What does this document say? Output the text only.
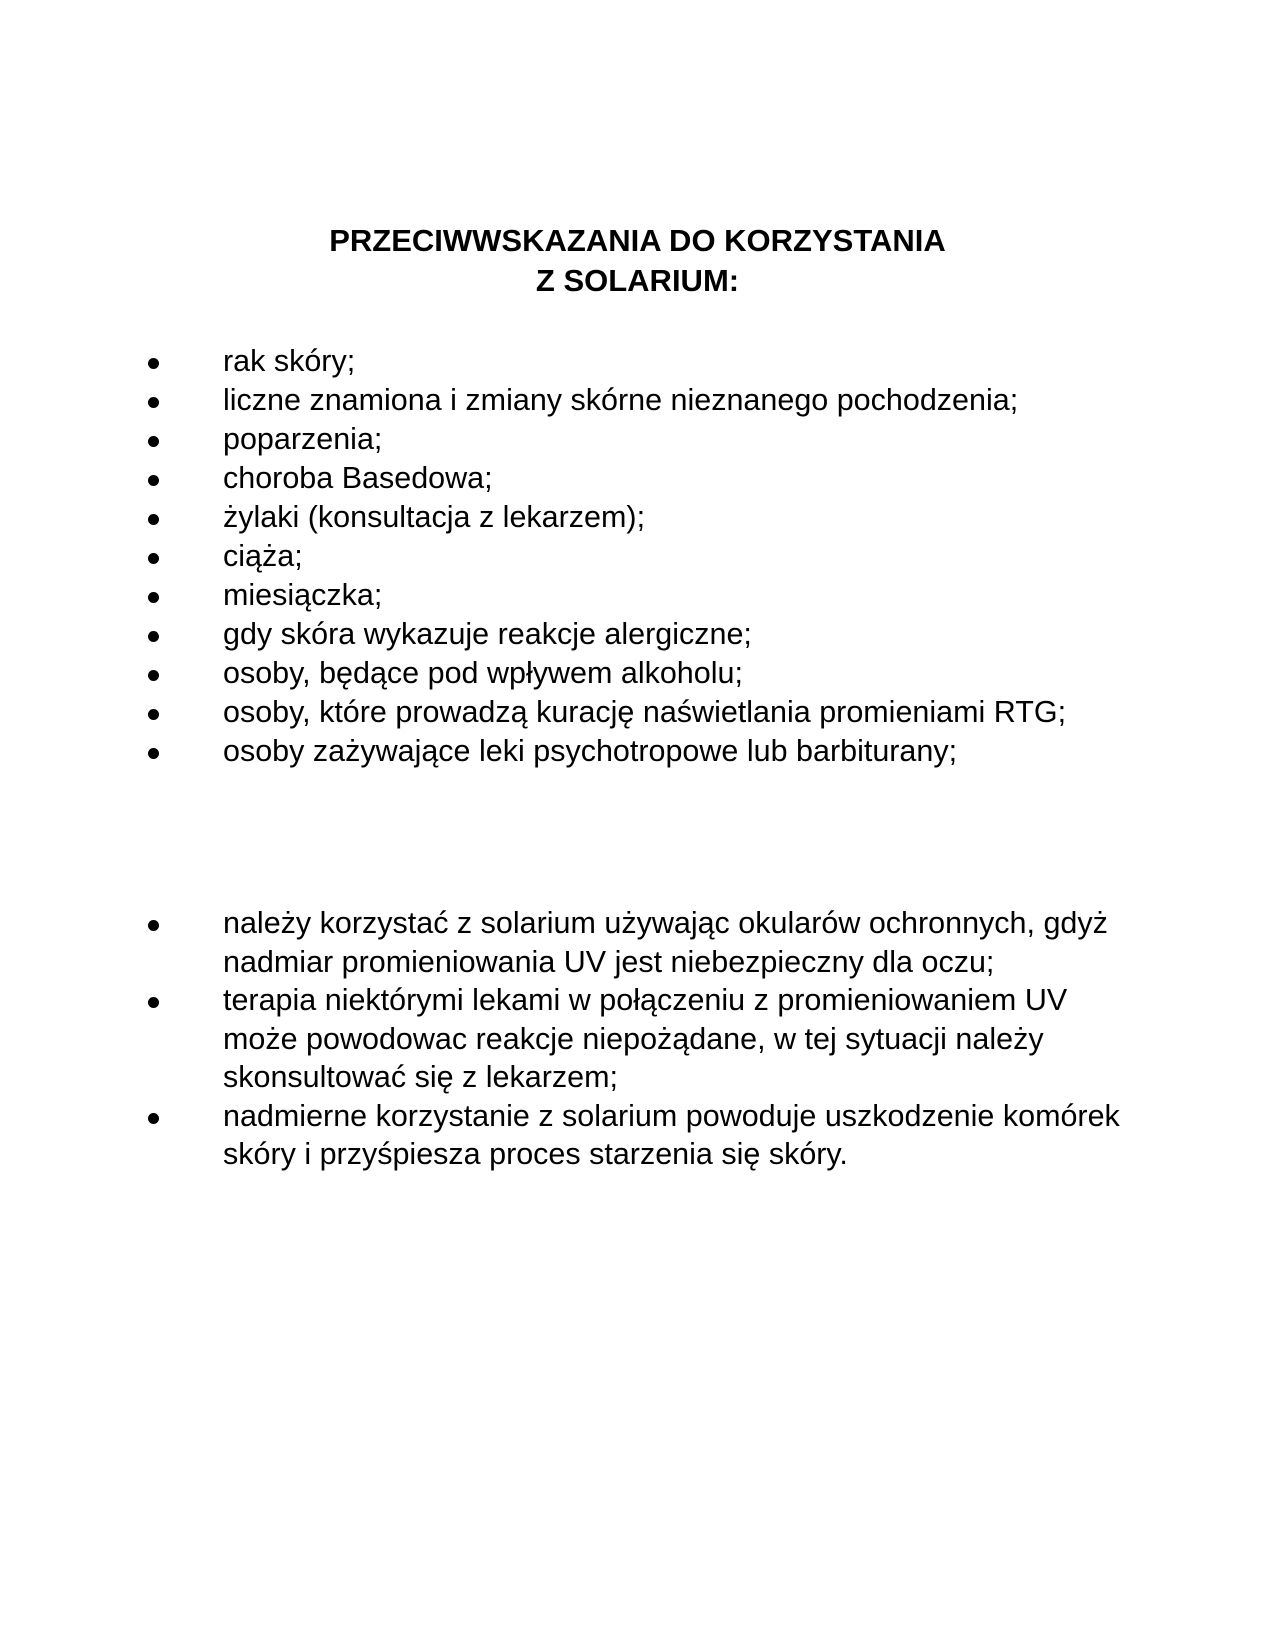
PRZECIWWSKAZANIA DO KORZYSTANIA
Z SOLARIUM:
rak skóry;
liczne znamiona i zmiany skórne nieznanego pochodzenia;
poparzenia;
choroba Basedowa;
żylaki (konsultacja z lekarzem);
ciąża;
miesiączka;
gdy skóra wykazuje reakcje alergiczne;
osoby, będące pod wpływem alkoholu;
osoby, które prowadzą kurację naświetlania promieniami RTG;
osoby zażywające leki psychotropowe lub barbiturany;
należy korzystać z solarium używając okularów ochronnych, gdyż nadmiar promieniowania UV jest niebezpieczny dla oczu;
terapia niektórymi lekami w połączeniu z promieniowaniem UV może powodowac reakcje niepożądane, w tej sytuacji należy skonsultować się z lekarzem;
nadmierne korzystanie z solarium powoduje uszkodzenie komórek skóry i przyśpiesza proces starzenia się skóry.
